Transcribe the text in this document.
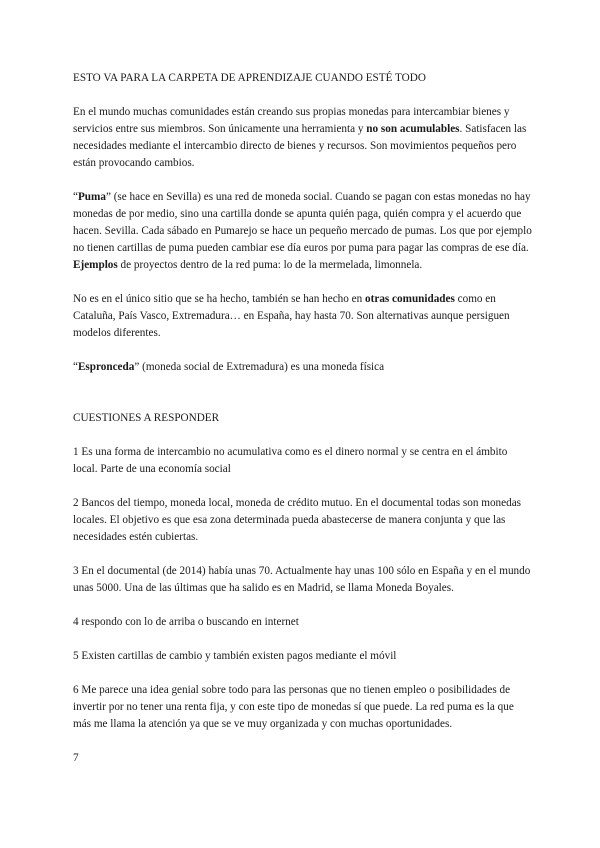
ESTO VA PARA LA CARPETA DE APRENDIZAJE CUANDO ESTÉ TODO

En el mundo muchas comunidades están creando sus propias monedas para intercambiar bienes y servicios entre sus miembros. Son únicamente una herramienta y no son acumulables. Satisfacen las necesidades mediante el intercambio directo de bienes y recursos. Son movimientos pequeños pero están provocando cambios.

“Puma” (se hace en Sevilla) es una red de moneda social. Cuando se pagan con estas monedas no hay monedas de por medio, sino una cartilla donde se apunta quién paga, quién compra y el acuerdo que hacen. Sevilla. Cada sábado en Pumarejo se hace un pequeño mercado de pumas. Los que por ejemplo no tienen cartillas de puma pueden cambiar ese día euros por puma para pagar las compras de ese día.

Ejemplos de proyectos dentro de la red puma: lo de la mermelada, limonnela.

No es en el único sitio que se ha hecho, también se han hecho en otras comunidades como en Cataluña, País Vasco, Extremadura… en España, hay hasta 70. Son alternativas aunque persiguen modelos diferentes.

“Espronceda” (moneda social de Extremadura) es una moneda física

CUESTIONES A RESPONDER

1 Es una forma de intercambio no acumulativa como es el dinero normal y se centra en el ámbito local. Parte de una economía social

2 Bancos del tiempo, moneda local, moneda de crédito mutuo. En el documental todas son monedas locales. El objetivo es que esa zona determinada pueda abastecerse de manera conjunta y que las necesidades estén cubiertas.

3 En el documental (de 2014) había unas 70. Actualmente hay unas 100 sólo en España y en el mundo unas 5000. Una de las últimas que ha salido es en Madrid, se llama Moneda Boyales.

4 respondo con lo de arriba o buscando en internet

5 Existen cartillas de cambio y también existen pagos mediante el móvil

6 Me parece una idea genial sobre todo para las personas que no tienen empleo o posibilidades de invertir por no tener una renta fija, y con este tipo de monedas sí que puede. La red puma es la que más me llama la atención ya que se ve muy organizada y con muchas oportunidades.

7
